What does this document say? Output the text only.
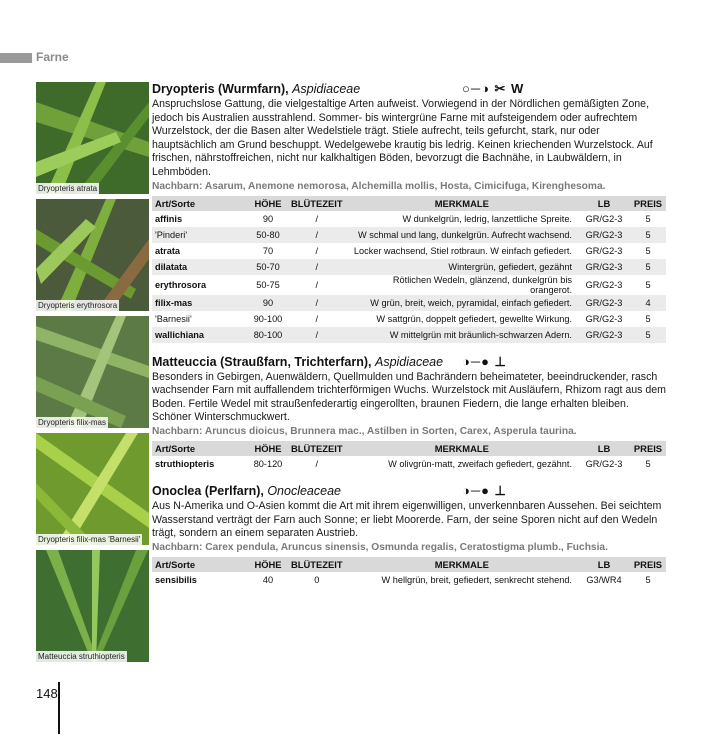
Farne
Dryopteris atrata
Dryopteris erythrosora
Dryopteris filix-mas
Dryopteris filix-mas 'Barnesii'
Matteuccia struthiopteris
Dryopteris (Wurmfarn), Aspidiaceae	○─◑ ✂ W

Anspruchslose Gattung, die vielgestaltige Arten aufweist. Vorwiegend in der Nördlichen gemäßigten Zone, jedoch bis Australien ausstrahlend. Sommer- bis wintergrüne Farne mit aufsteigendem oder aufrechtem Wurzelstock, der die Basen alter Wedelstiele trägt. Stiele aufrecht, teils gefurcht, stark, nur oder hauptsächlich am Grund beschuppt. Wedelgewebe krautig bis ledrig. Keinen kriechenden Wurzelstock. Auf frischen, nährstoffreichen, nicht nur kalkhaltigen Böden, bevorzugt die Bachnähe, in Laubwäldern, in Lehmböden.

Nachbarn: Asarum, Anemone nemorosa, Alchemilla mollis, Hosta, Cimicifuga, Kirenghesoma.
Art/Sorte	HÖHE	BLÜTEZEIT	MERKMALE	LB	PREIS
affinis	90	/	W dunkelgrün, ledrig, lanzettliche Spreite.	GR/G2-3	5
'Pinderi'	50-80	/	W schmal und lang, dunkelgrün. Aufrecht wachsend.	GR/G2-3	5
atrata	70	/	Locker wachsend, Stiel rotbraun. W einfach gefiedert.	GR/G2-3	5
dilatata	50-70	/	Wintergrün, gefiedert, gezähnt	GR/G2-3	5
erythrosora	50-75	/	Rötlichen Wedeln, glänzend, dunkelgrün bis orangerot.	GR/G2-3	5
filix-mas	90	/	W grün, breit, weich, pyramidal, einfach gefiedert.	GR/G2-3	4
'Barnesii'	90-100	/	W sattgrün, doppelt gefiedert, gewellte Wirkung.	GR/G2-3	5
wallichiana	80-100	/	W mittelgrün mit bräunlich-schwarzen Adern.	GR/G2-3	5
Matteuccia (Straußfarn, Trichterfarn), Aspidiaceae ◑─● ⊥

Besonders in Gebirgen, Auenwäldern, Quellmulden und Bachrändern beheimateter, beeindruckender, rasch wachsender Farn mit auffallendem trichterförmigen Wuchs. Wurzelstock mit Ausläufern, Rhizom ragt aus dem Boden. Fertile Wedel mit straußenfederartig eingerollten, braunen Fiedern, die lange erhalten bleiben. Schöner Winterschmuckwert.

Nachbarn: Aruncus dioicus, Brunnera mac., Astilben in Sorten, Carex, Asperula taurina.
Art/Sorte	HÖHE	BLÜTEZEIT	MERKMALE	LB	PREIS
struthiopteris	80-120	/	W olivgrün-matt, zweifach gefiedert, gezähnt.	GR/G2-3	5
Onoclea (Perlfarn), Onocleaceae	◑─● ⊥

Aus N-Amerika und O-Asien kommt die Art mit ihrem eigenwilligen, unverkennbaren Aussehen. Bei seichtem Wasserstand verträgt der Farn auch Sonne; er liebt Moorerde. Farn, der seine Sporen nicht auf den Wedeln trägt, sondern an einem separaten Austrieb.

Nachbarn: Carex pendula, Aruncus sinensis, Osmunda regalis, Ceratostigma plumb., Fuchsia.
Art/Sorte	HÖHE	BLÜTEZEIT	MERKMALE	LB	PREIS
sensibilis	40	0	W hellgrün, breit, gefiedert, senkrecht stehend.	G3/WR4	5
148
